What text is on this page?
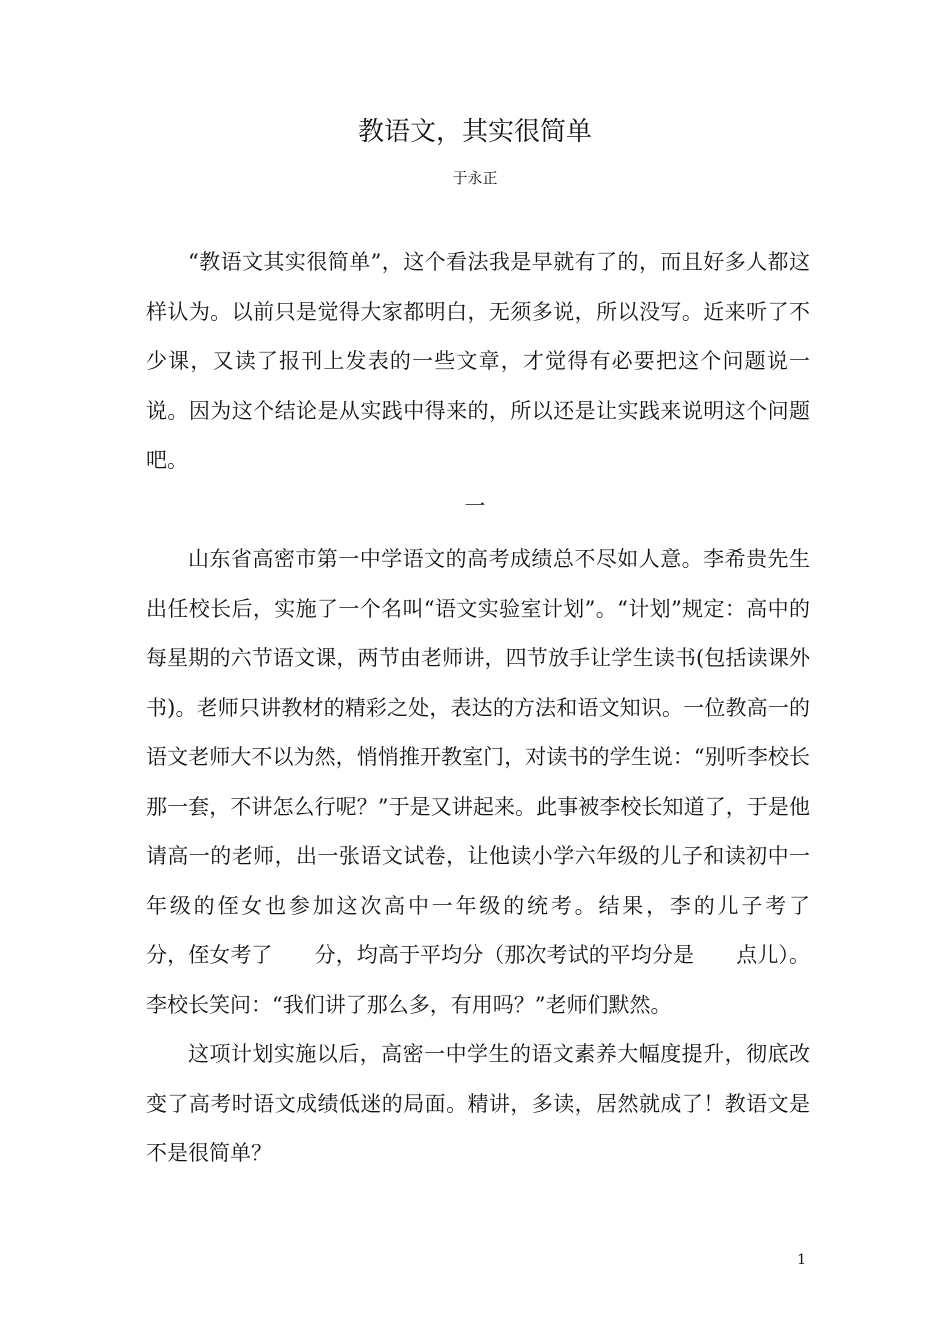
教语文，其实很简单
于永正

“教语文其实很简单”，这个看法我是早就有了的，而且好多人都这样认为。以前只是觉得大家都明白，无须多说，所以没写。近来听了不少课，又读了报刊上发表的一些文章，才觉得有必要把这个问题说一说。因为这个结论是从实践中得来的，所以还是让实践来说明这个问题吧。

一

山东省高密市第一中学语文的高考成绩总不尽如人意。李希贵先生出任校长后，实施了一个名叫“语文实验室计划”。“计划”规定：高中的每星期的六节语文课，两节由老师讲，四节放手让学生读书(包括读课外书)。老师只讲教材的精彩之处，表达的方法和语文知识。一位教高一的语文老师大不以为然，悄悄推开教室门，对读书的学生说：“别听李校长那一套，不讲怎么行呢？”于是又讲起来。此事被李校长知道了，于是他请高一的老师，出一张语文试卷，让他读小学六年级的儿子和读初中一年级的侄女也参加这次高中一年级的统考。结果，李的儿子考了　　分，侄女考了　　分，均高于平均分（那次考试的平均分是　　点儿）。李校长笑问：“我们讲了那么多，有用吗？”老师们默然。

这项计划实施以后，高密一中学生的语文素养大幅度提升，彻底改变了高考时语文成绩低迷的局面。精讲，多读，居然就成了！教语文是不是很简单？

1
